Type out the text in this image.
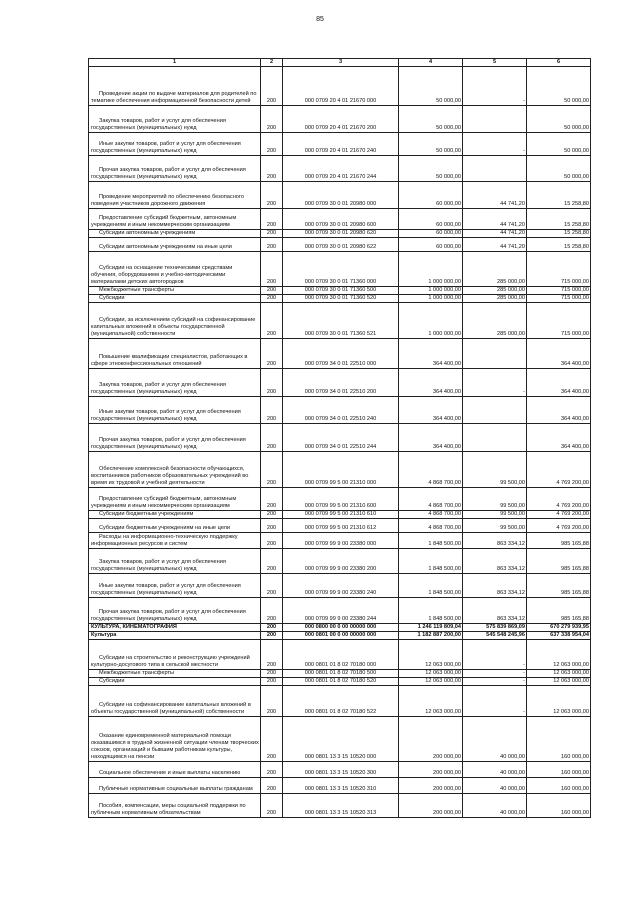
85
1	2	3	4	5	6
Проведение акции по выдаче материалов для родителей по тематике обеспечения информационной безопасности детей	200	000 0709 20 4 01 21670 000	50 000,00	-	50 000,00
Закупка товаров, работ и услуг для обеспечения государственных (муниципальных) нужд	200	000 0709 20 4 01 21670 200	50 000,00		50 000,00
Иные закупки товаров, работ и услуг для обеспечения государственных (муниципальных) нужд	200	000 0709 20 4 01 21670 240	50 000,00	-	50 000,00
Прочая закупка товаров, работ и услуг для обеспечения государственных (муниципальных) нужд	200	000 0709 20 4 01 21670 244	50 000,00		50 000,00
Проведение мероприятий по обеспечению безопасного поведения участников дорожного движения	200	000 0709 30 0 01 20980 000	60 000,00	44 741,20	15 258,80
Предоставление субсидий бюджетным, автономным учреждениям и иным некоммерческим организациям	200	000 0709 30 0 01 20980 600	60 000,00	44 741,20	15 258,80
Субсидии автономным учреждениям	200	000 0709 30 0 01 20980 620	60 000,00	44 741,20	15 258,80
Субсидии автономным учреждениям на иные цели	200	000 0709 30 0 01 20980 622	60 000,00	44 741,20	15 258,80
Субсидии на оснащение техническими средствами обучения, оборудованием и учебно-методическими материалами детских автогородков	200	000 0709 30 0 01 71360 000	1 000 000,00	285 000,00	715 000,00
Межбюджетные трансферты	200	000 0709 30 0 01 71360 500	1 000 000,00	285 000,00	715 000,00
Субсидии	200	000 0709 30 0 01 71360 520	1 000 000,00	285 000,00	715 000,00
Субсидии, за исключением субсидий на софинансирование капитальных вложений в объекты государственной (муниципальной) собственности	200	000 0709 30 0 01 71360 521	1 000 000,00	285 000,00	715 000,00
Повышение квалификации специалистов, работающих в сфере этноконфессиональных отношений	200	000 0709 34 0 01 22510 000	364 400,00		364 400,00
Закупка товаров, работ и услуг для обеспечения государственных (муниципальных) нужд	200	000 0709 34 0 01 22510 200	364 400,00	-	364 400,00
Иные закупки товаров, работ и услуг для обеспечения государственных (муниципальных) нужд	200	000 0709 34 0 01 22510 240	364 400,00		364 400,00
Прочая закупка товаров, работ и услуг для обеспечения государственных (муниципальных) нужд	200	000 0709 34 0 01 22510 244	364 400,00		364 400,00
Обеспечение комплексной безопасности обучающихся, воспитанников работников образовательных учреждений во время их трудовой и учебной деятельности	200	000 0709 99 5 00 21310 000	4 868 700,00	99 500,00	4 769 200,00
Предоставление субсидий бюджетным, автономным учреждениям и иным некоммерческим организациям	200	000 0709 99 5 00 21310 600	4 868 700,00	99 500,00	4 769 200,00
Субсидии бюджетным учреждениям	200	000 0709 99 5 00 21310 610	4 868 700,00	99 500,00	4 769 200,00
Субсидии бюджетным учреждениям на иные цели	200	000 0709 99 5 00 21310 612	4 868 700,00	99 500,00	4 769 200,00
Расходы на информационно-техническую поддержку информационных ресурсов и систем	200	000 0709 99 9 00 23380 000	1 848 500,00	863 334,12	985 165,88
Закупка товаров, работ и услуг для обеспечения государственных (муниципальных) нужд	200	000 0709 99 9 00 23380 200	1 848 500,00	863 334,12	985 165,88
Иные закупки товаров, работ и услуг для обеспечения государственных (муниципальных) нужд	200	000 0709 99 9 00 23380 240	1 848 500,00	863 334,12	985 165,88
Прочая закупка товаров, работ и услуг для обеспечения государственных (муниципальных) нужд	200	000 0709 99 9 00 23380 244	1 848 500,00	863 334,12	985 165,88
КУЛЬТУРА, КИНЕМАТОГРАФИЯ	200	000 0800 00 0 00 00000 000	1 246 119 809,04	575 839 869,09	670 279 939,95
Культура	200	000 0801 00 0 00 00000 000	1 182 887 200,00	545 548 245,96	637 338 954,04
Субсидии на строительство и реконструкцию учреждений культурно-досугового типа в сельской местности	200	000 0801 01 8 02 70180 000	12 063 000,00	-	12 063 000,00
Межбюджетные трансферты	200	000 0801 01 8 02 70180 500	12 063 000,00	-	12 063 000,00
Субсидии	200	000 0801 01 8 02 70180 520	12 063 000,00	-	12 063 000,00
Субсидии на софинансирование капитальных вложений в объекты государственной (муниципальной) собственности	200	000 0801 01 8 02 70180 522	12 063 000,00	-	12 063 000,00
Оказание единовременной материальной помощи оказавшимся в трудной жизненной ситуации членам творческих союзов, организаций и бывшим работникам культуры, находящимся на пенсии	200	000 0801 13 3 15 10520 000	200 000,00	40 000,00	160 000,00
Социальное обеспечение и иные выплаты населению	200	000 0801 13 3 15 10520 300	200 000,00	40 000,00	160 000,00
Публичные нормативные социальные выплаты гражданам	200	000 0801 13 3 15 10520 310	200 000,00	40 000,00	160 000,00
Пособия, компенсации, меры социальной поддержки по публичным нормативным обязательствам	200	000 0801 13 3 15 10520 313	200 000,00	40 000,00	160 000,00
